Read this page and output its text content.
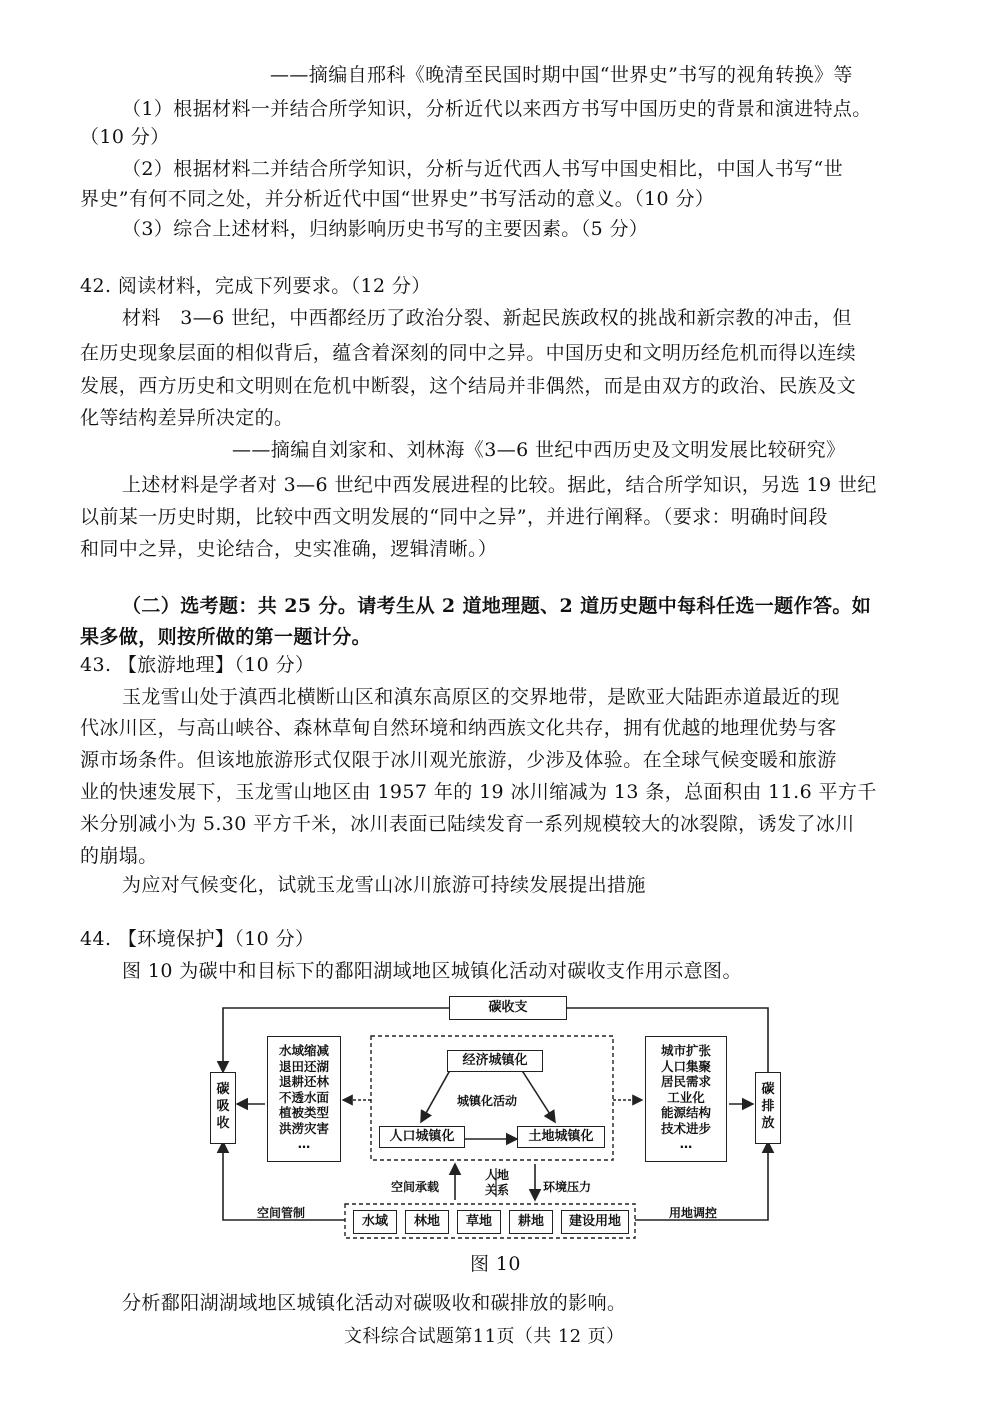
——摘编自邢科《晚清至民国时期中国“世界史”书写的视角转换》等
（1）根据材料一并结合所学知识，分析近代以来西方书写中国历史的背景和演进特点。
（10 分）
（2）根据材料二并结合所学知识，分析与近代西人书写中国史相比，中国人书写“世
界史”有何不同之处，并分析近代中国“世界史”书写活动的意义。（10 分）
（3）综合上述材料，归纳影响历史书写的主要因素。（5 分）
42. 阅读材料，完成下列要求。（12 分）
材料　3—6 世纪，中西都经历了政治分裂、新起民族政权的挑战和新宗教的冲击，但
在历史现象层面的相似背后，蕴含着深刻的同中之异。中国历史和文明历经危机而得以连续
发展，西方历史和文明则在危机中断裂，这个结局并非偶然，而是由双方的政治、民族及文
化等结构差异所决定的。
——摘编自刘家和、刘林海《3—6 世纪中西历史及文明发展比较研究》
上述材料是学者对 3—6 世纪中西发展进程的比较。据此，结合所学知识，另选 19 世纪
以前某一历史时期，比较中西文明发展的“同中之异”，并进行阐释。（要求：明确时间段
和同中之异，史论结合，史实准确，逻辑清晰。）
（二）选考题：共 25 分。请考生从 2 道地理题、2 道历史题中每科任选一题作答。如
果多做，则按所做的第一题计分。
43. 【旅游地理】（10 分）
玉龙雪山处于滇西北横断山区和滇东高原区的交界地带，是欧亚大陆距赤道最近的现
代冰川区，与高山峡谷、森林草甸自然环境和纳西族文化共存，拥有优越的地理优势与客
源市场条件。但该地旅游形式仅限于冰川观光旅游，少涉及体验。在全球气候变暖和旅游
业的快速发展下，玉龙雪山地区由 1957 年的 19 冰川缩减为 13 条，总面积由 11.6 平方千
米分别减小为 5.30 平方千米，冰川表面已陆续发育一系列规模较大的冰裂隙，诱发了冰川
的崩塌。
为应对气候变化，试就玉龙雪山冰川旅游可持续发展提出措施
44. 【环境保护】（10 分）
图 10 为碳中和目标下的鄱阳湖域地区城镇化活动对碳收支作用示意图。
碳收支
碳吸收
碳排放
水域缩减
退田还湖
退耕还林
不透水面
植被类型
洪涝灾害
…
城市扩张
人口集聚
居民需求
工业化
能源结构
技术进步
…
经济城镇化
城镇化活动
人口城镇化	土地城镇化
空间承载
人地关系	环境压力
空间管制	用地调控
水域	林地	草地	耕地	建设用地
图 10
分析鄱阳湖湖域地区城镇化活动对碳吸收和碳排放的影响。
文科综合试题第11页（共 12 页）
